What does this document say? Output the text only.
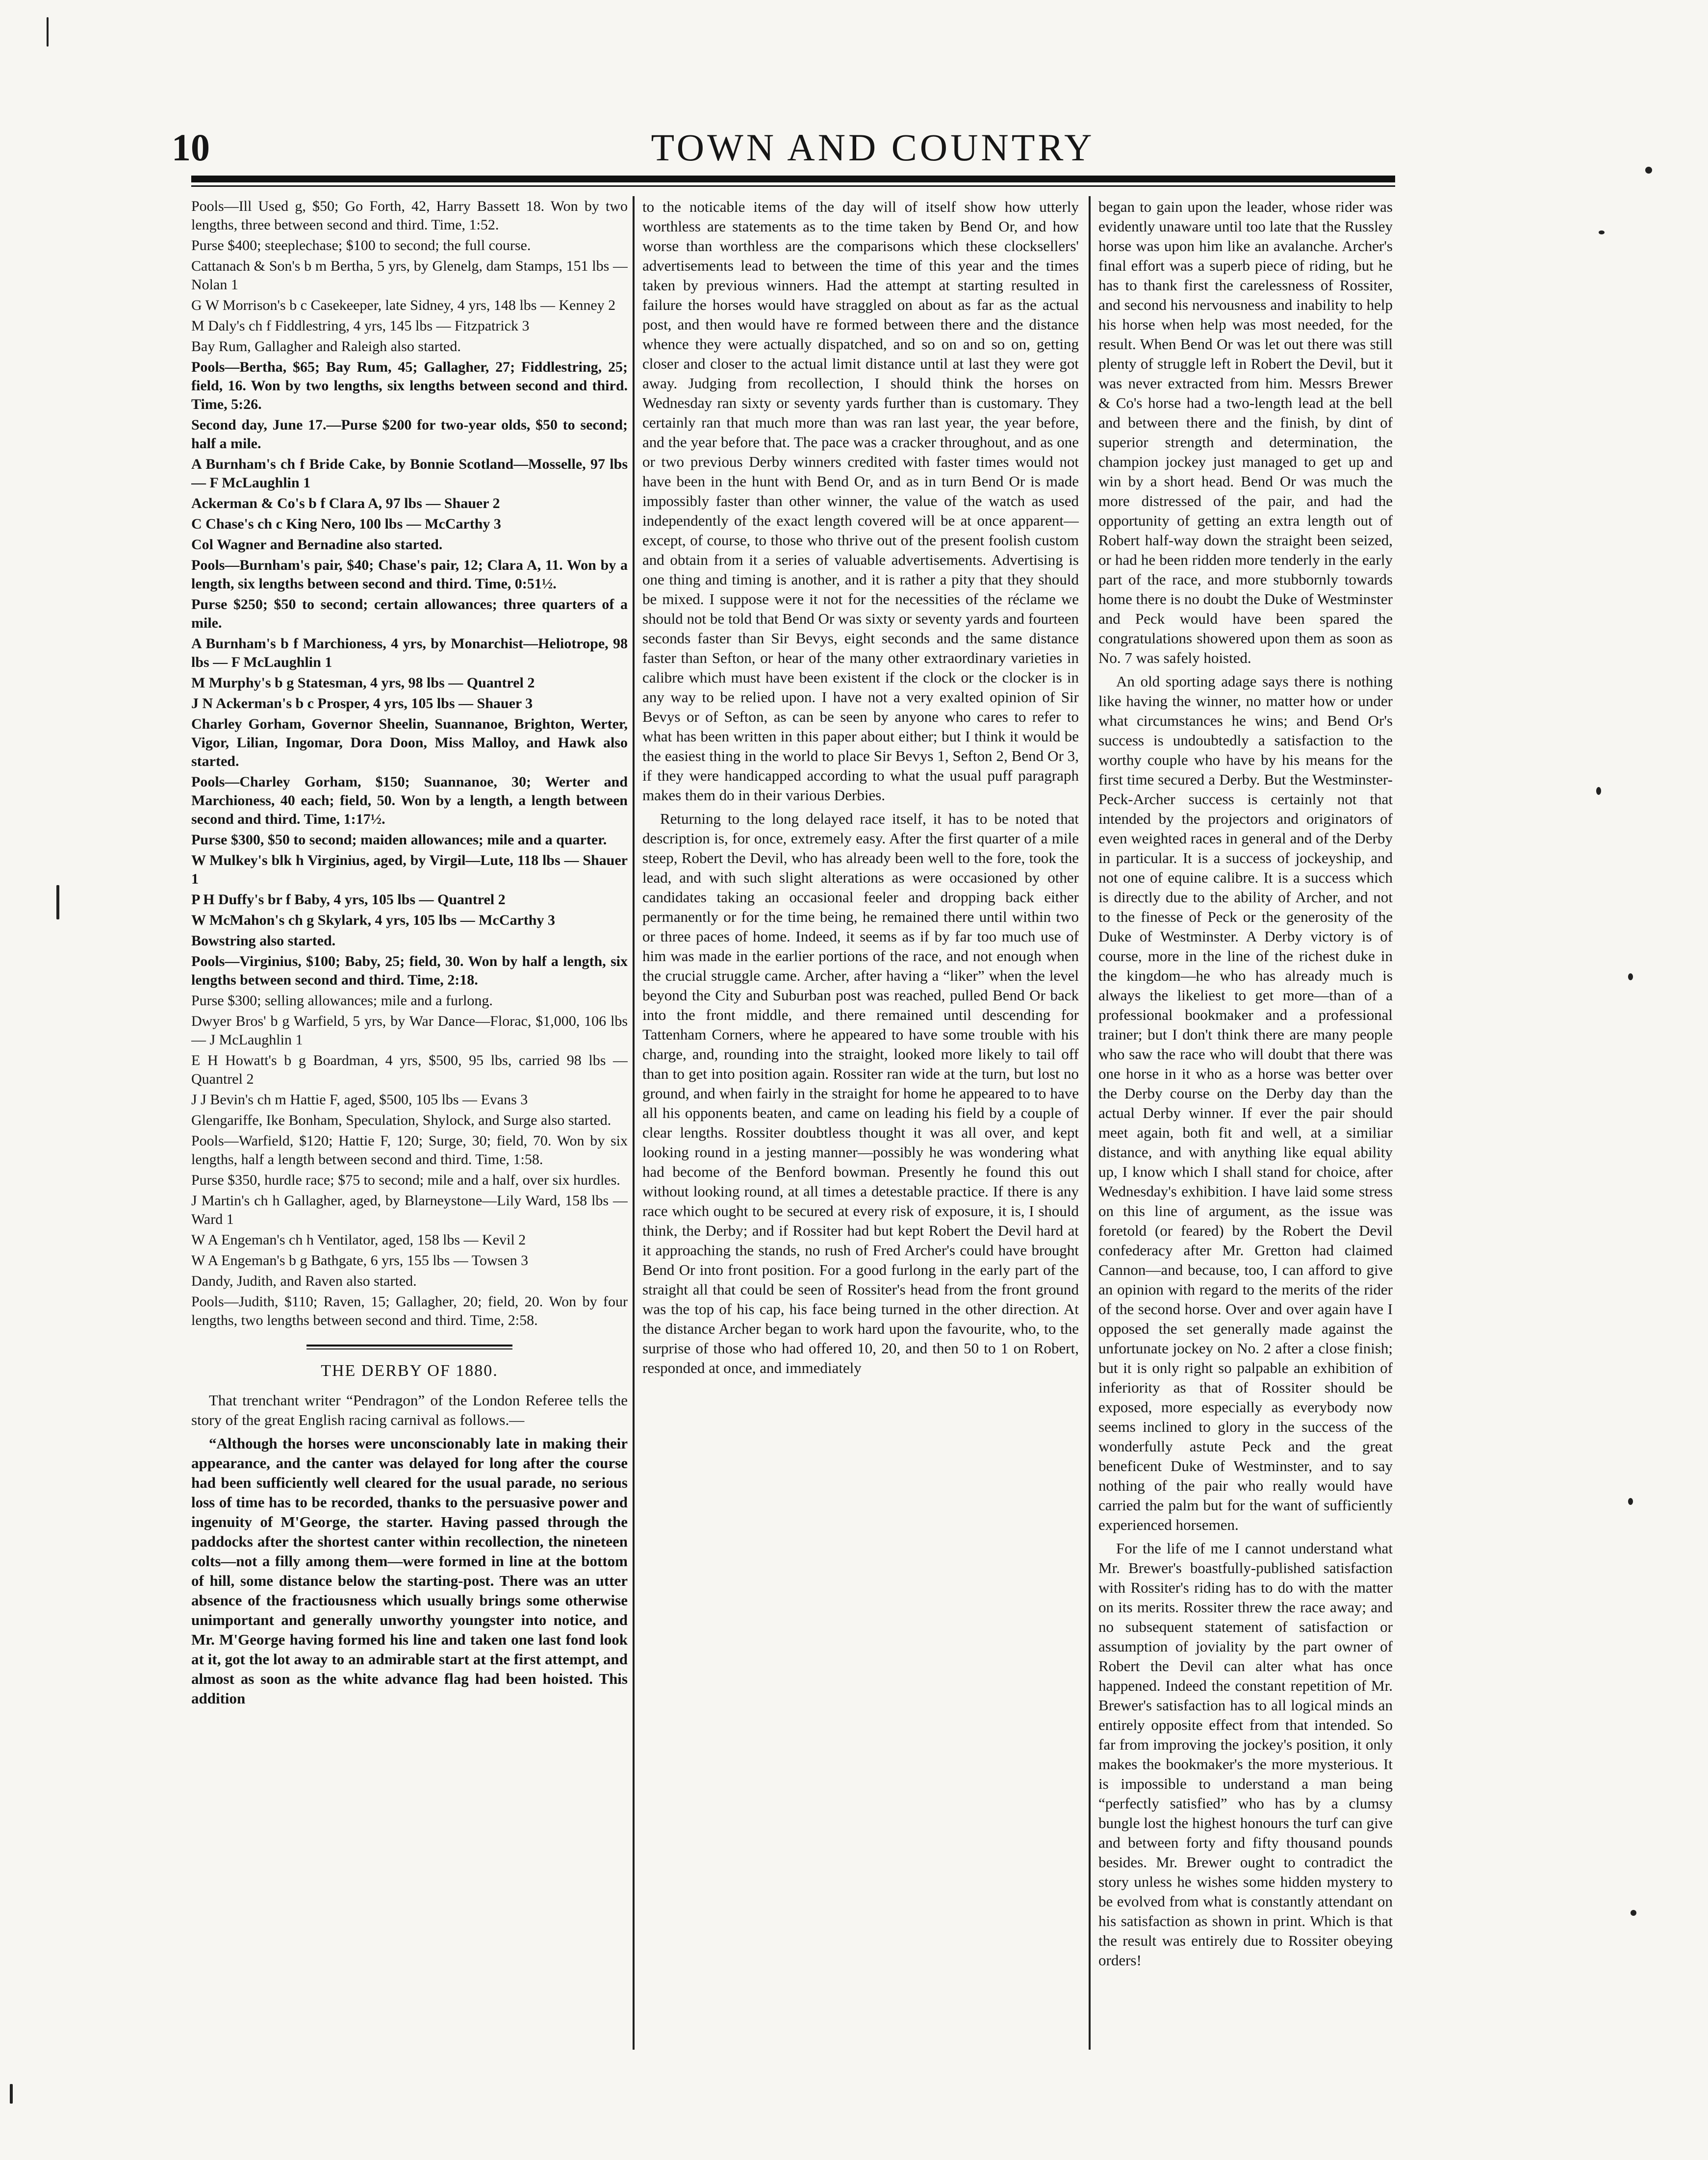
10	TOWN AND COUNTRY

Pools—Ill Used g, $50; Go Forth, 42, Harry Bassett 18. Won by two lengths, three between second and third. Time, 1:52.

Purse $400; steeplechase; $100 to second; the full course.

Cattanach & Son's b m Bertha, 5 yrs, by Glenelg, dam Stamps, 151 lbs — Nolan 1

G W Morrison's b c Casekeeper, late Sidney, 4 yrs, 148 lbs — Kenney 2

M Daly's ch f Fiddlestring, 4 yrs, 145 lbs — Fitzpatrick 3

Bay Rum, Gallagher and Raleigh also started.

Pools—Bertha, $65; Bay Rum, 45; Gallagher, 27; Fiddlestring, 25; field, 16. Won by two lengths, six lengths between second and third. Time, 5:26.

Second day, June 17.—Purse $200 for two-year olds, $50 to second; half a mile.

A Burnham's ch f Bride Cake, by Bonnie Scotland—Mosselle, 97 lbs — F McLaughlin 1

Ackerman & Co's b f Clara A, 97 lbs — Shauer 2

C Chase's ch c King Nero, 100 lbs — McCarthy 3

Col Wagner and Bernadine also started.

Pools—Burnham's pair, $40; Chase's pair, 12; Clara A, 11. Won by a length, six lengths between second and third. Time, 0:51½.

Purse $250; $50 to second; certain allowances; three quarters of a mile.

A Burnham's b f Marchioness, 4 yrs, by Monarchist—Heliotrope, 98 lbs — F McLaughlin 1

M Murphy's b g Statesman, 4 yrs, 98 lbs — Quantrel 2

J N Ackerman's b c Prosper, 4 yrs, 105 lbs — Shauer 3

Charley Gorham, Governor Sheelin, Suannanoe, Brighton, Werter, Vigor, Lilian, Ingomar, Dora Doon, Miss Malloy, and Hawk also started.

Pools—Charley Gorham, $150; Suannanoe, 30; Werter and Marchioness, 40 each; field, 50. Won by a length, a length between second and third. Time, 1:17½.

Purse $300, $50 to second; maiden allowances; mile and a quarter.

W Mulkey's blk h Virginius, aged, by Virgil—Lute, 118 lbs — Shauer 1

P H Duffy's br f Baby, 4 yrs, 105 lbs — Quantrel 2

W McMahon's ch g Skylark, 4 yrs, 105 lbs — McCarthy 3

Bowstring also started.

Pools—Virginius, $100; Baby, 25; field, 30. Won by half a length, six lengths between second and third. Time, 2:18.

Purse $300; selling allowances; mile and a furlong.

Dwyer Bros' b g Warfield, 5 yrs, by War Dance—Florac, $1,000, 106 lbs — J McLaughlin 1

E H Howatt's b g Boardman, 4 yrs, $500, 95 lbs, carried 98 lbs — Quantrel 2

J J Bevin's ch m Hattie F, aged, $500, 105 lbs — Evans 3

Glengariffe, Ike Bonham, Speculation, Shylock, and Surge also started.

Pools—Warfield, $120; Hattie F, 120; Surge, 30; field, 70. Won by six lengths, half a length between second and third. Time, 1:58.

Purse $350, hurdle race; $75 to second; mile and a half, over six hurdles.

J Martin's ch h Gallagher, aged, by Blarneystone—Lily Ward, 158 lbs — Ward 1

W A Engeman's ch h Ventilator, aged, 158 lbs — Kevil 2

W A Engeman's b g Bathgate, 6 yrs, 155 lbs — Towsen 3

Dandy, Judith, and Raven also started.

Pools—Judith, $110; Raven, 15; Gallagher, 20; field, 20. Won by four lengths, two lengths between second and third. Time, 2:58.

THE DERBY OF 1880.

That trenchant writer “Pendragon” of the London Referee tells the story of the great English racing carnival as follows.—

“Although the horses were unconscionably late in making their appearance, and the canter was delayed for long after the course had been sufficiently well cleared for the usual parade, no serious loss of time has to be recorded, thanks to the persuasive power and ingenuity of M'George, the starter. Having passed through the paddocks after the shortest canter within recollection, the nineteen colts—not a filly among them—were formed in line at the bottom of hill, some distance below the starting-post. There was an utter absence of the fractiousness which usually brings some otherwise unimportant and generally unworthy youngster into notice, and Mr. M'George having formed his line and taken one last fond look at it, got the lot away to an admirable start at the first attempt, and almost as soon as the white advance flag had been hoisted. This addition

to the noticable items of the day will of itself show how utterly worthless are statements as to the time taken by Bend Or, and how worse than worthless are the comparisons which these clocksellers' advertisements lead to between the time of this year and the times taken by previous winners. Had the attempt at starting resulted in failure the horses would have straggled on about as far as the actual post, and then would have re formed between there and the distance whence they were actually dispatched, and so on and so on, getting closer and closer to the actual limit distance until at last they were got away. Judging from recollection, I should think the horses on Wednesday ran sixty or seventy yards further than is customary. They certainly ran that much more than was ran last year, the year before, and the year before that. The pace was a cracker throughout, and as one or two previous Derby winners credited with faster times would not have been in the hunt with Bend Or, and as in turn Bend Or is made impossibly faster than other winner, the value of the watch as used independently of the exact length covered will be at once apparent—except, of course, to those who thrive out of the present foolish custom and obtain from it a series of valuable advertisements. Advertising is one thing and timing is another, and it is rather a pity that they should be mixed. I suppose were it not for the necessities of the réclame we should not be told that Bend Or was sixty or seventy yards and fourteen seconds faster than Sir Bevys, eight seconds and the same distance faster than Sefton, or hear of the many other extraordinary varieties in calibre which must have been existent if the clock or the clocker is in any way to be relied upon. I have not a very exalted opinion of Sir Bevys or of Sefton, as can be seen by anyone who cares to refer to what has been written in this paper about either; but I think it would be the easiest thing in the world to place Sir Bevys 1, Sefton 2, Bend Or 3, if they were handicapped according to what the usual puff paragraph makes them do in their various Derbies.

Returning to the long delayed race itself, it has to be noted that description is, for once, extremely easy. After the first quarter of a mile steep, Robert the Devil, who has already been well to the fore, took the lead, and with such slight alterations as were occasioned by other candidates taking an occasional feeler and dropping back either permanently or for the time being, he remained there until within two or three paces of home. Indeed, it seems as if by far too much use of him was made in the earlier portions of the race, and not enough when the crucial struggle came. Archer, after having a “liker” when the level beyond the City and Suburban post was reached, pulled Bend Or back into the front middle, and there remained until descending for Tattenham Corners, where he appeared to have some trouble with his charge, and, rounding into the straight, looked more likely to tail off than to get into position again. Rossiter ran wide at the turn, but lost no ground, and when fairly in the straight for home he appeared to to have all his opponents beaten, and came on leading his field by a couple of clear lengths. Rossiter doubtless thought it was all over, and kept looking round in a jesting manner—possibly he was wondering what had become of the Benford bowman. Presently he found this out without looking round, at all times a detestable practice. If there is any race which ought to be secured at every risk of exposure, it is, I should think, the Derby; and if Rossiter had but kept Robert the Devil hard at it approaching the stands, no rush of Fred Archer's could have brought Bend Or into front position. For a good furlong in the early part of the straight all that could be seen of Rossiter's head from the front ground was the top of his cap, his face being turned in the other direction. At the distance Archer began to work hard upon the favourite, who, to the surprise of those who had offered 10, 20, and then 50 to 1 on Robert, responded at once, and immediately

began to gain upon the leader, whose rider was evidently unaware until too late that the Russley horse was upon him like an avalanche. Archer's final effort was a superb piece of riding, but he has to thank first the carelessness of Rossiter, and second his nervousness and inability to help his horse when help was most needed, for the result. When Bend Or was let out there was still plenty of struggle left in Robert the Devil, but it was never extracted from him. Messrs Brewer & Co's horse had a two-length lead at the bell and between there and the finish, by dint of superior strength and determination, the champion jockey just managed to get up and win by a short head. Bend Or was much the more distressed of the pair, and had the opportunity of getting an extra length out of Robert half-way down the straight been seized, or had he been ridden more tenderly in the early part of the race, and more stubbornly towards home there is no doubt the Duke of Westminster and Peck would have been spared the congratulations showered upon them as soon as No. 7 was safely hoisted.

An old sporting adage says there is nothing like having the winner, no matter how or under what circumstances he wins; and Bend Or's success is undoubtedly a satisfaction to the worthy couple who have by his means for the first time secured a Derby. But the Westminster-Peck-Archer success is certainly not that intended by the projectors and originators of even weighted races in general and of the Derby in particular. It is a success of jockeyship, and not one of equine calibre. It is a success which is directly due to the ability of Archer, and not to the finesse of Peck or the generosity of the Duke of Westminster. A Derby victory is of course, more in the line of the richest duke in the kingdom—he who has already much is always the likeliest to get more—than of a professional bookmaker and a professional trainer; but I don't think there are many people who saw the race who will doubt that there was one horse in it who as a horse was better over the Derby course on the Derby day than the actual Derby winner. If ever the pair should meet again, both fit and well, at a similiar distance, and with anything like equal ability up, I know which I shall stand for choice, after Wednesday's exhibition. I have laid some stress on this line of argument, as the issue was foretold (or feared) by the Robert the Devil confederacy after Mr. Gretton had claimed Cannon—and because, too, I can afford to give an opinion with regard to the merits of the rider of the second horse. Over and over again have I opposed the set generally made against the unfortunate jockey on No. 2 after a close finish; but it is only right so palpable an exhibition of inferiority as that of Rossiter should be exposed, more especially as everybody now seems inclined to glory in the success of the wonderfully astute Peck and the great beneficent Duke of Westminster, and to say nothing of the pair who really would have carried the palm but for the want of sufficiently experienced horsemen.

For the life of me I cannot understand what Mr. Brewer's boastfully-published satisfaction with Rossiter's riding has to do with the matter on its merits. Rossiter threw the race away; and no subsequent statement of satisfaction or assumption of joviality by the part owner of Robert the Devil can alter what has once happened. Indeed the constant repetition of Mr. Brewer's satisfaction has to all logical minds an entirely opposite effect from that intended. So far from improving the jockey's position, it only makes the bookmaker's the more mysterious. It is impossible to understand a man being “perfectly satisfied” who has by a clumsy bungle lost the highest honours the turf can give and between forty and fifty thousand pounds besides. Mr. Brewer ought to contradict the story unless he wishes some hidden mystery to be evolved from what is constantly attendant on his satisfaction as shown in print. Which is that the result was entirely due to Rossiter obeying orders!
